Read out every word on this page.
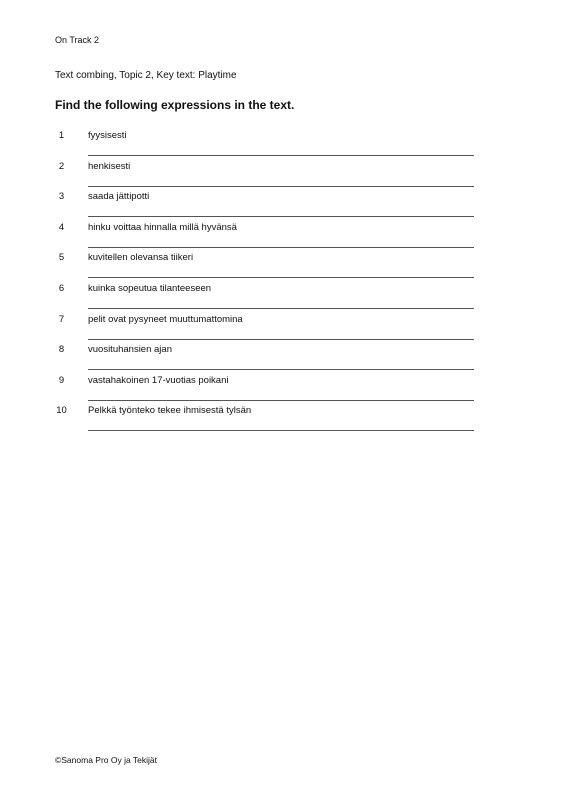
On Track 2
Text combing, Topic 2, Key text: Playtime
Find the following expressions in the text.
1	fyysisesti
2	henkisesti
3	saada jättipotti
4	hinku voittaa hinnalla millä hyvänsä
5	kuvitellen olevansa tiikeri
6	kuinka sopeutua tilanteeseen
7	pelit ovat pysyneet muuttumattomina
8	vuosituhansien ajan
9	vastahakoinen 17-vuotias poikani
10 Pelkkä työnteko tekee ihmisestä tylsän
©Sanoma Pro Oy ja Tekijät
